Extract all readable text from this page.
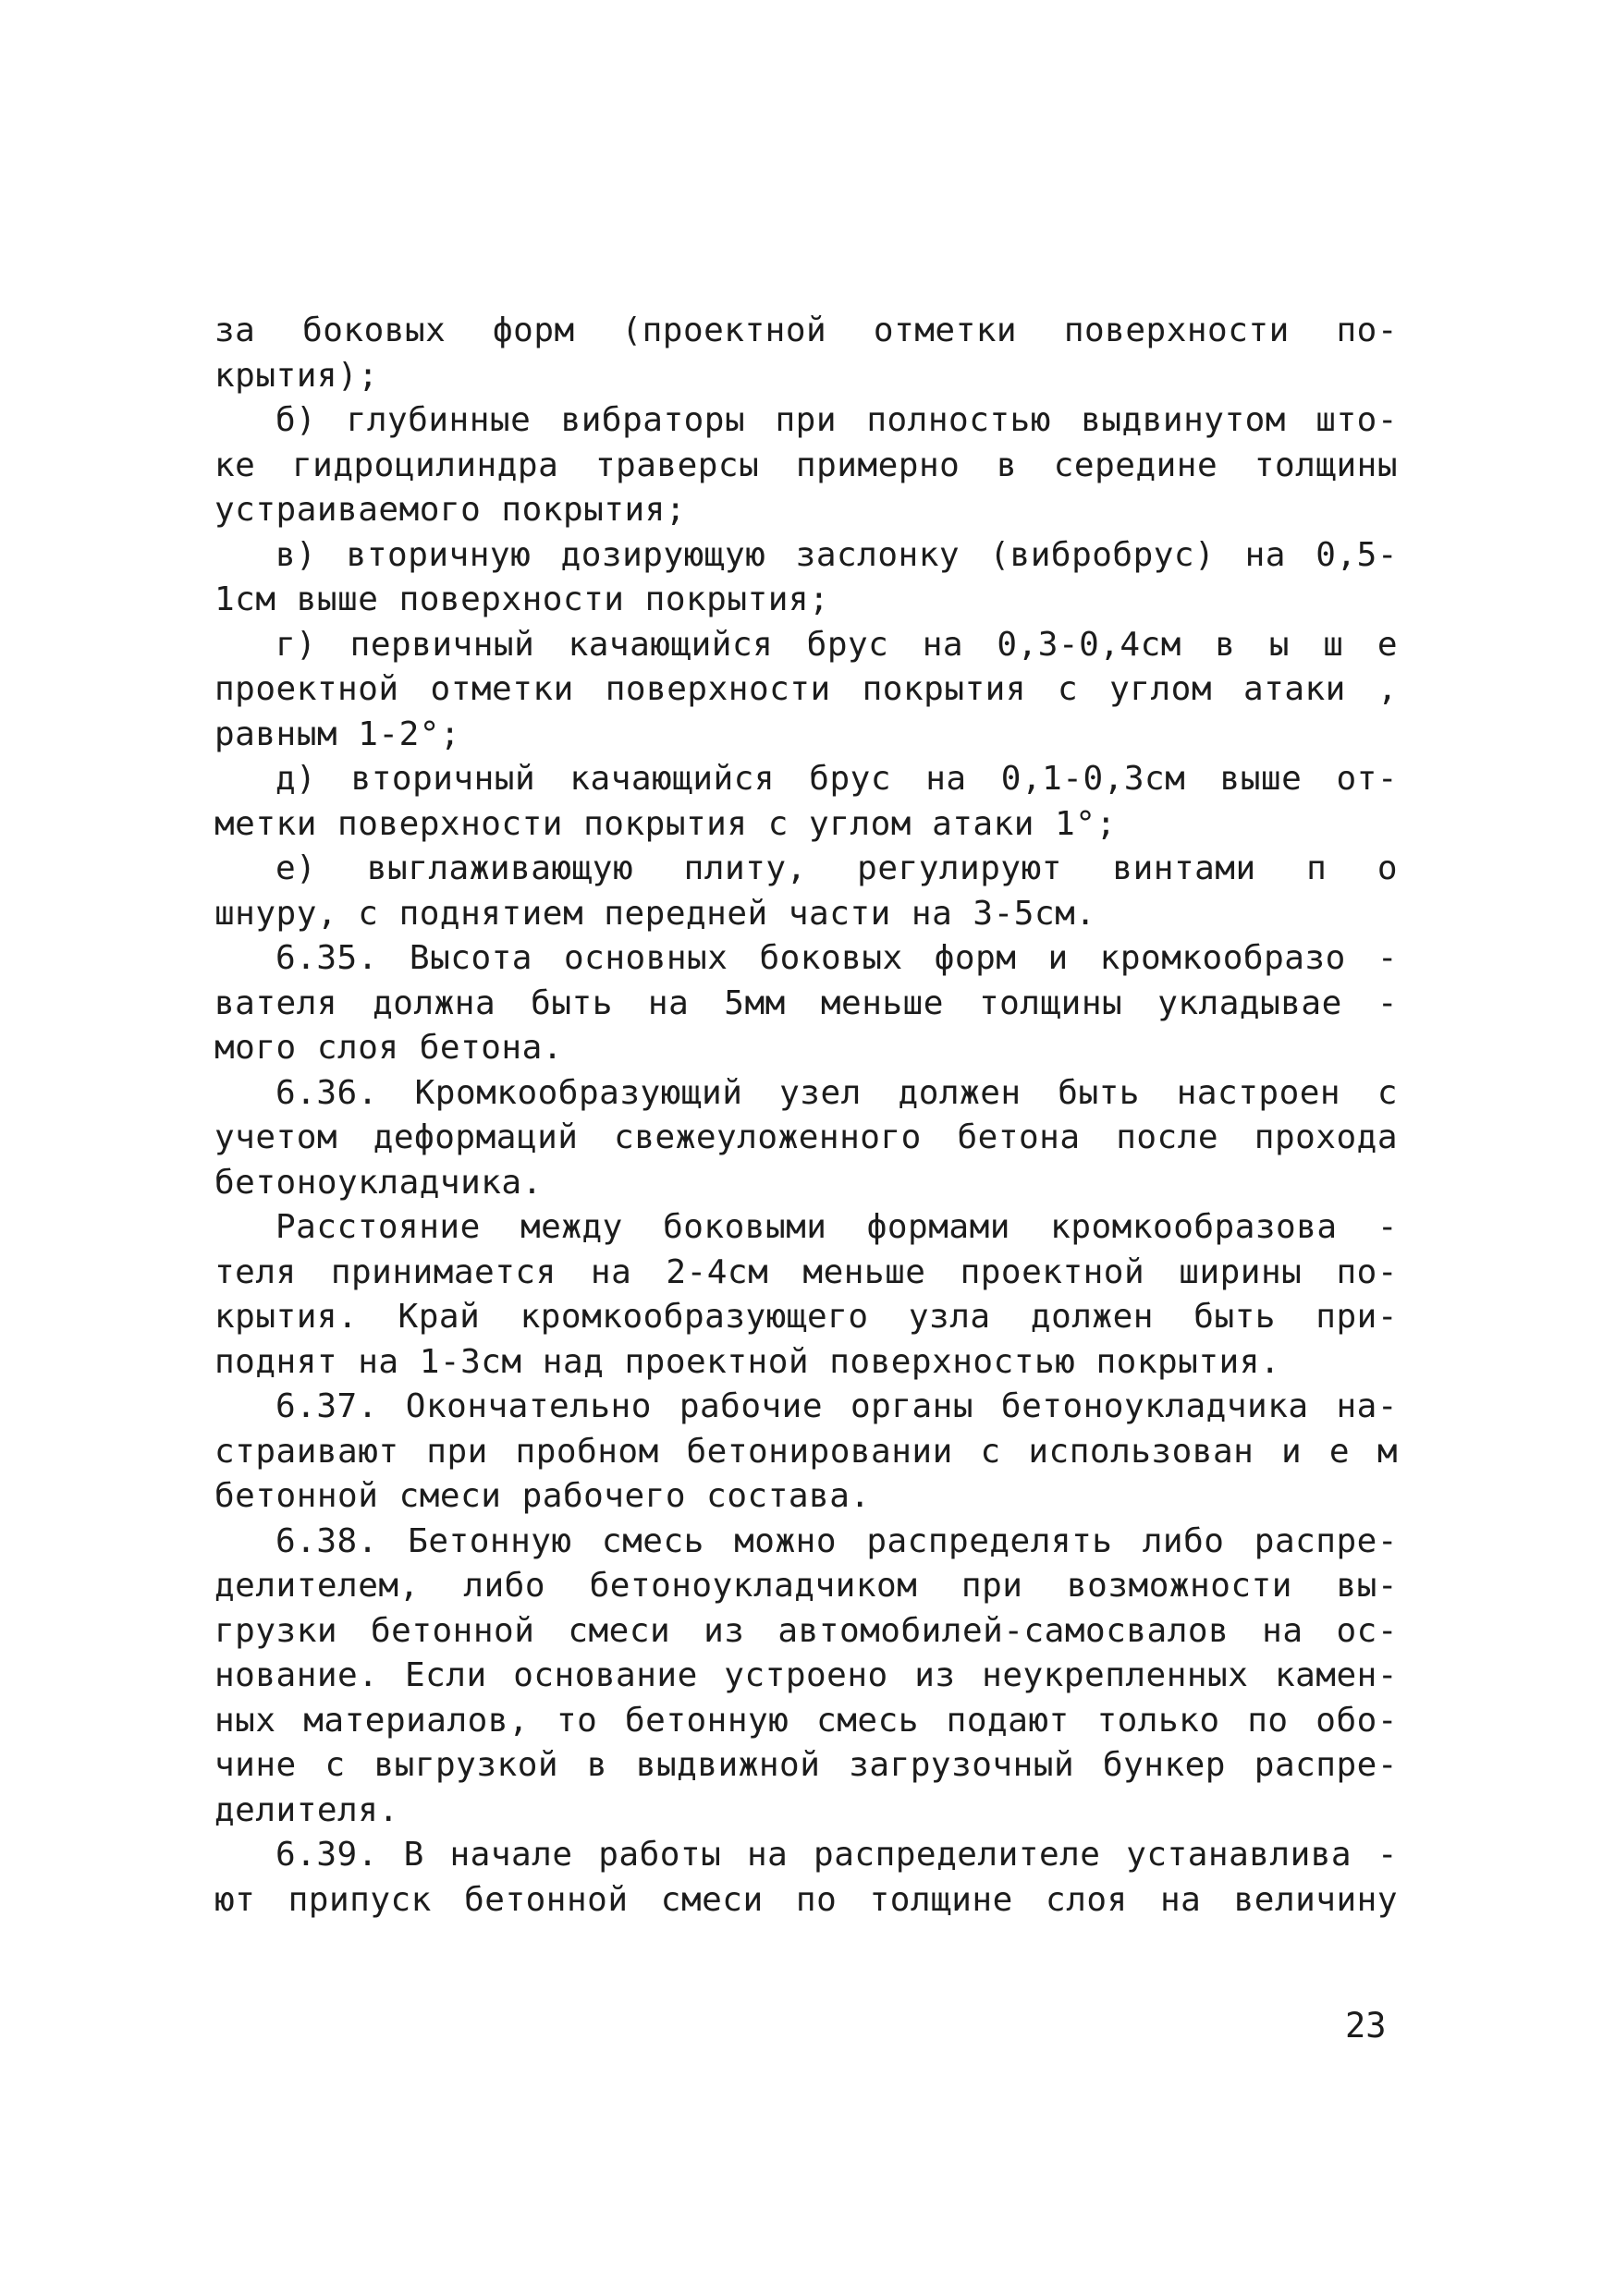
за боковых форм (проектной отметки поверхности по-
крытия);
б) глубинные вибраторы при полностью выдвинутом што-
ке гидроцилиндра траверсы примерно в середине толщины
устраиваемого покрытия;
в) вторичную дозирующую заслонку (вибробрус) на 0,5-
1см выше поверхности покрытия;
г) первичный качающийся брус на 0,3-0,4см в ы ш е
проектной отметки поверхности покрытия с углом атаки ,
равным 1-2°;
д) вторичный качающийся брус на 0,1-0,3см выше от-
метки поверхности покрытия с углом атаки 1°;
е) выглаживающую плиту, регулируют винтами п о
шнуру, с поднятием передней части на 3-5см.
6.35. Высота основных боковых форм и кромкообразо -
вателя должна быть на 5мм меньше толщины укладывае -
мого слоя бетона.
6.36. Кромкообразующий узел должен быть настроен с
учетом деформаций свежеуложенного бетона после прохода
бетоноукладчика.
Расстояние между боковыми формами кромкообразова -
теля принимается на 2-4см меньше проектной ширины по-
крытия. Край кромкообразующего узла должен быть при-
поднят на 1-3см над проектной поверхностью покрытия.
6.37. Окончательно рабочие органы бетоноукладчика на-
страивают при пробном бетонировании с использован и е м
бетонной смеси рабочего состава.
6.38. Бетонную смесь можно распределять либо распре-
делителем, либо бетоноукладчиком при возможности вы-
грузки бетонной смеси из автомобилей-самосвалов на ос-
нование. Если основание устроено из неукрепленных камен-
ных материалов, то бетонную смесь подают только по обо-
чине с выгрузкой в выдвижной загрузочный бункер распре-
делителя.
6.39. В начале работы на распределителе устанавлива -
ют припуск бетонной смеси по толщине слоя на величину
23
